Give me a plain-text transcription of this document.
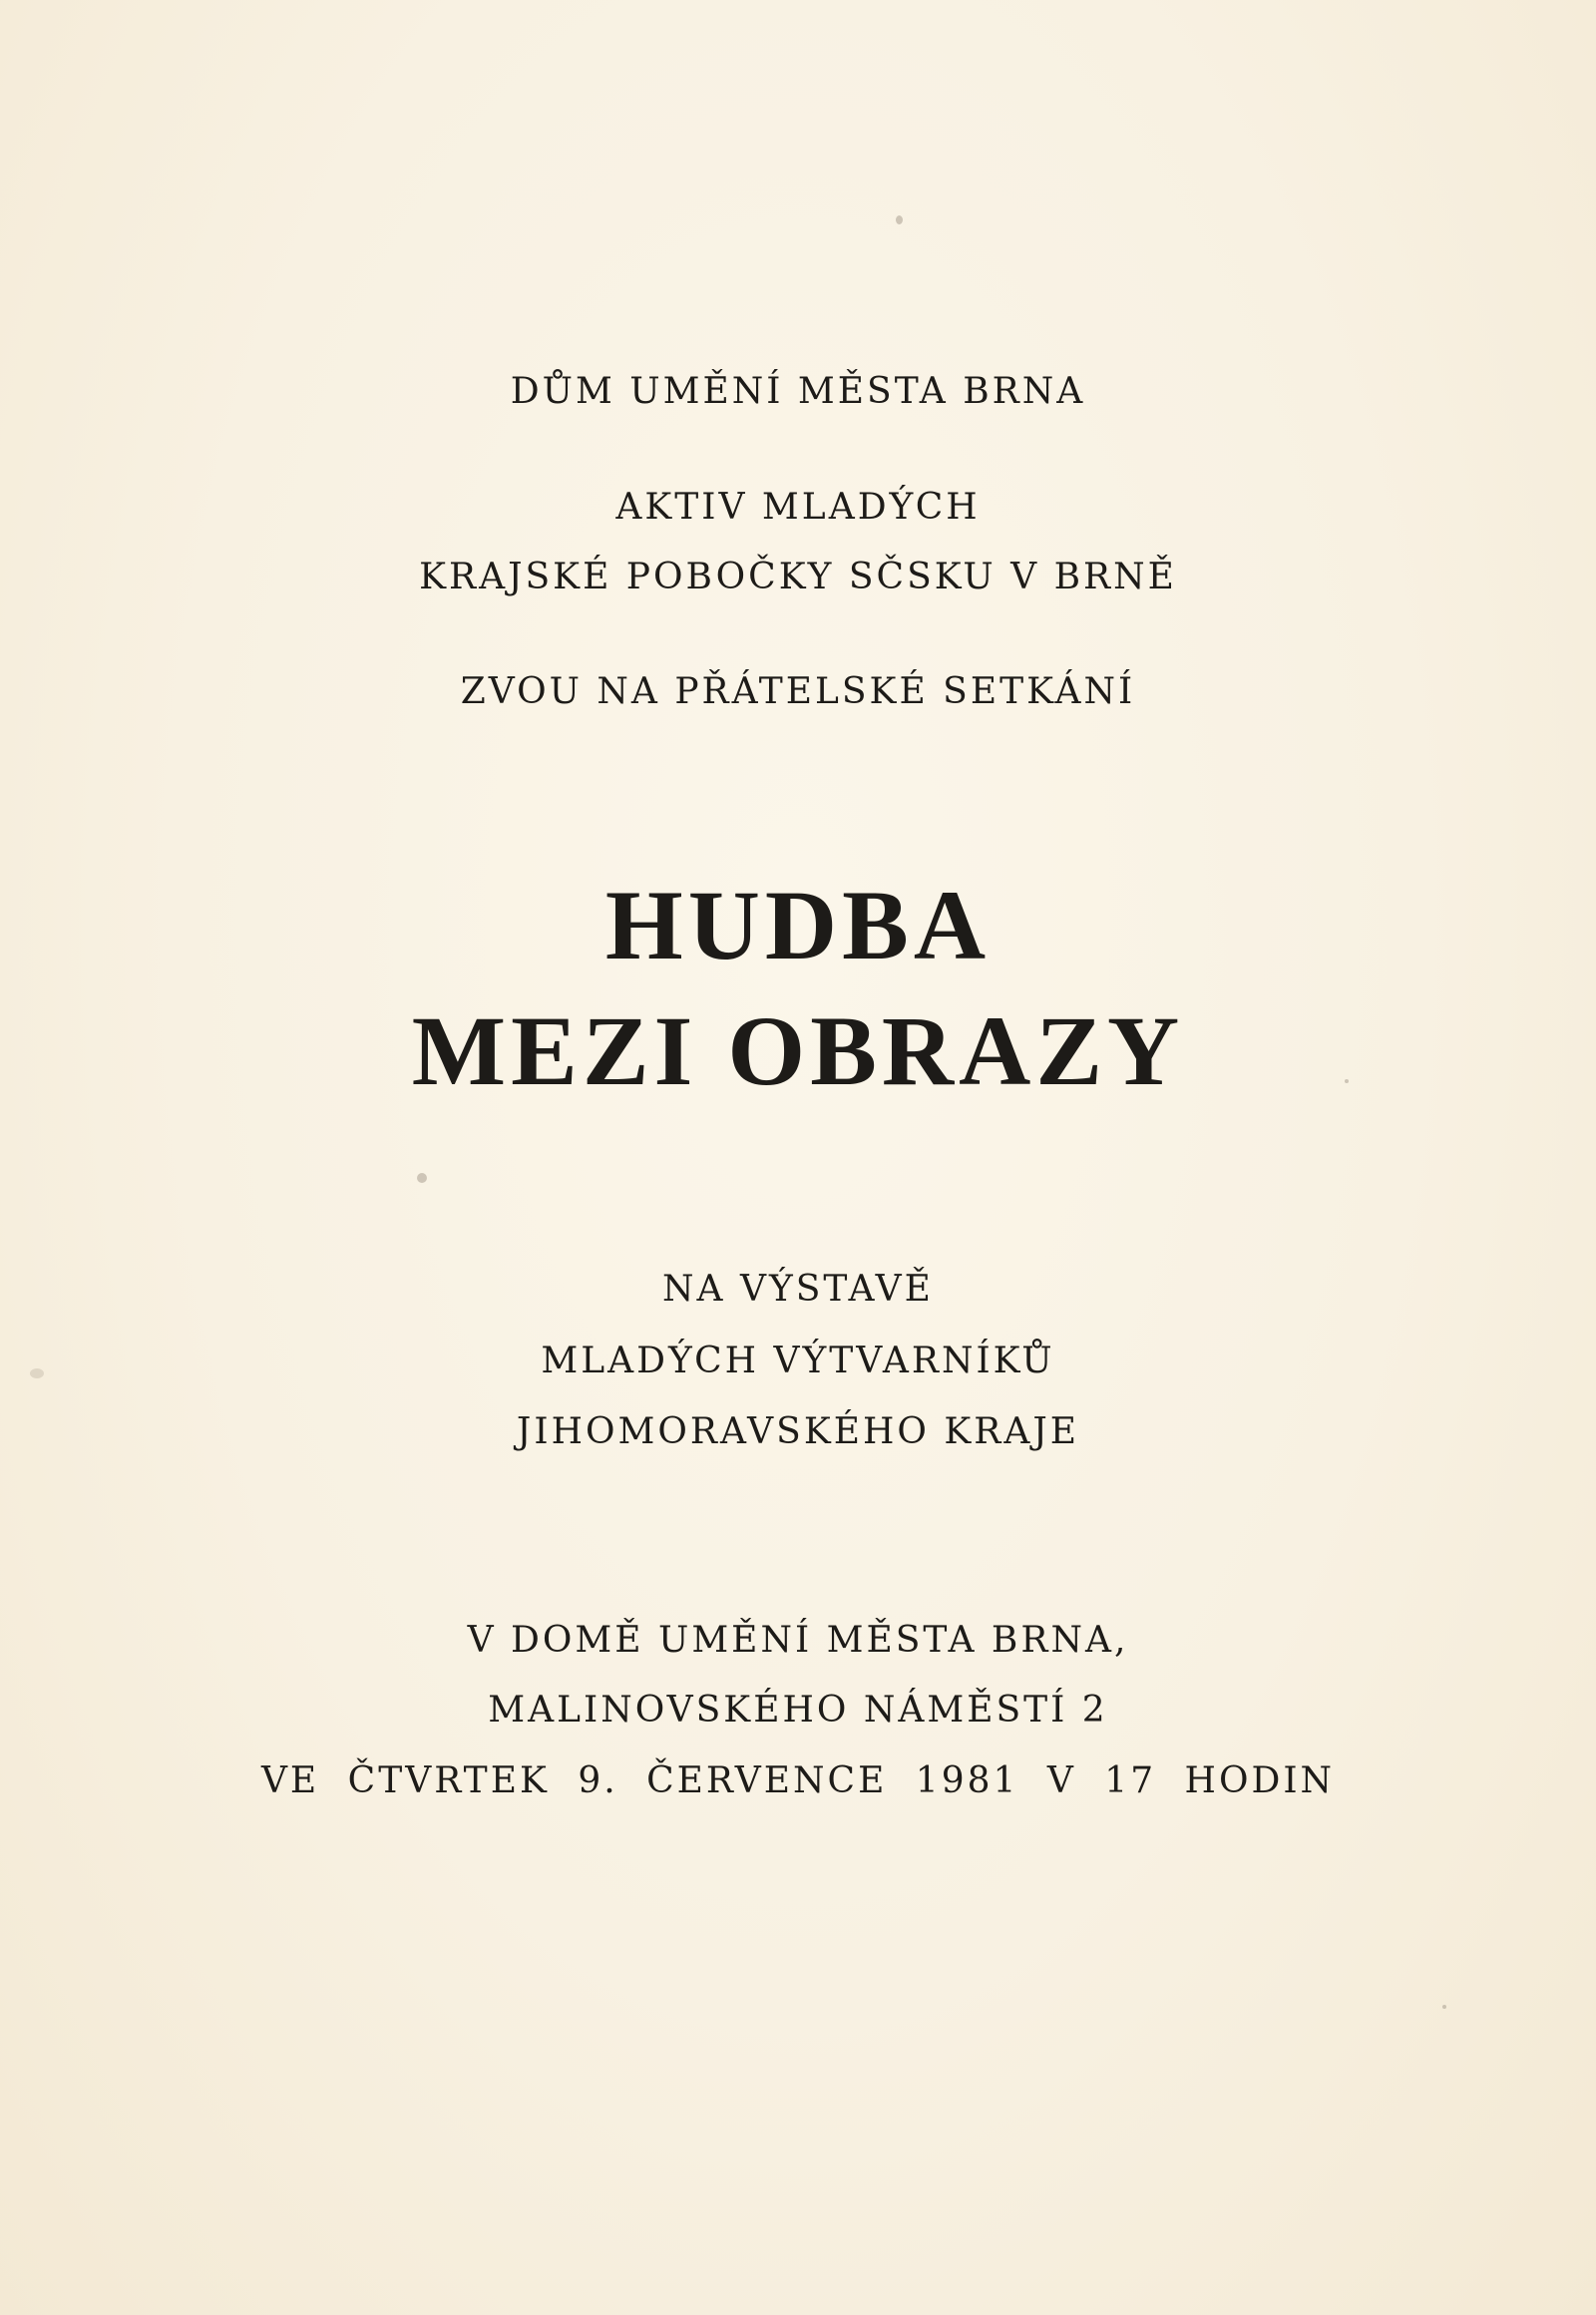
DŮM UMĚNÍ MĚSTA BRNA
AKTIV MLADÝCH
KRAJSKÉ POBOČKY SČSKU V BRNĚ
ZVOU NA PŘÁTELSKÉ SETKÁNÍ
HUDBA
MEZI OBRAZY
NA VÝSTAVĚ
MLADÝCH VÝTVARNÍKŮ
JIHOMORAVSKÉHO KRAJE
V DOMĚ UMĚNÍ MĚSTA BRNA,
MALINOVSKÉHO NÁMĚSTÍ 2
VE ČTVRTEK 9. ČERVENCE 1981 V 17 HODIN
